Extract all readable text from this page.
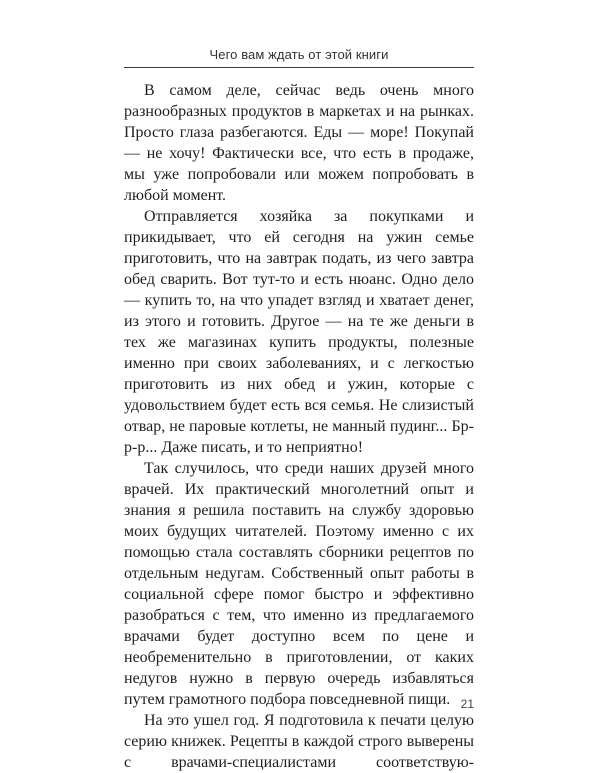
Чего вам ждать от этой книги

В самом деле, сейчас ведь очень много разнообразных продуктов в маркетах и на рынках. Просто глаза разбегаются. Еды — море! Покупай — не хочу! Фактически все, что есть в продаже, мы уже попробовали или можем попробовать в любой момент.

Отправляется хозяйка за покупками и прикидывает, что ей сегодня на ужин семье приготовить, что на завтрак подать, из чего завтра обед сварить. Вот тут-то и есть нюанс. Одно дело — купить то, на что упадет взгляд и хватает денег, из этого и готовить. Другое — на те же деньги в тех же магазинах купить продукты, полезные именно при своих заболеваниях, и с легкостью приготовить из них обед и ужин, которые с удовольствием будет есть вся семья. Не слизистый отвар, не паровые котлеты, не манный пудинг... Бр-р-р... Даже писать, и то неприятно!

Так случилось, что среди наших друзей много врачей. Их практический многолетний опыт и знания я решила поставить на службу здоровью моих будущих читателей. Поэтому именно с их помощью стала составлять сборники рецептов по отдельным недугам. Собственный опыт работы в социальной сфере помог быстро и эффективно разобраться с тем, что именно из предлагаемого врачами будет доступно всем по цене и необременительно в приготовлении, от каких недугов нужно в первую очередь избавляться путем грамотного подбора повседневной пищи.

На это ушел год. Я подготовила к печати целую серию книжек. Рецепты в каждой строго выверены с врачами-специалистами соответствую-

21
